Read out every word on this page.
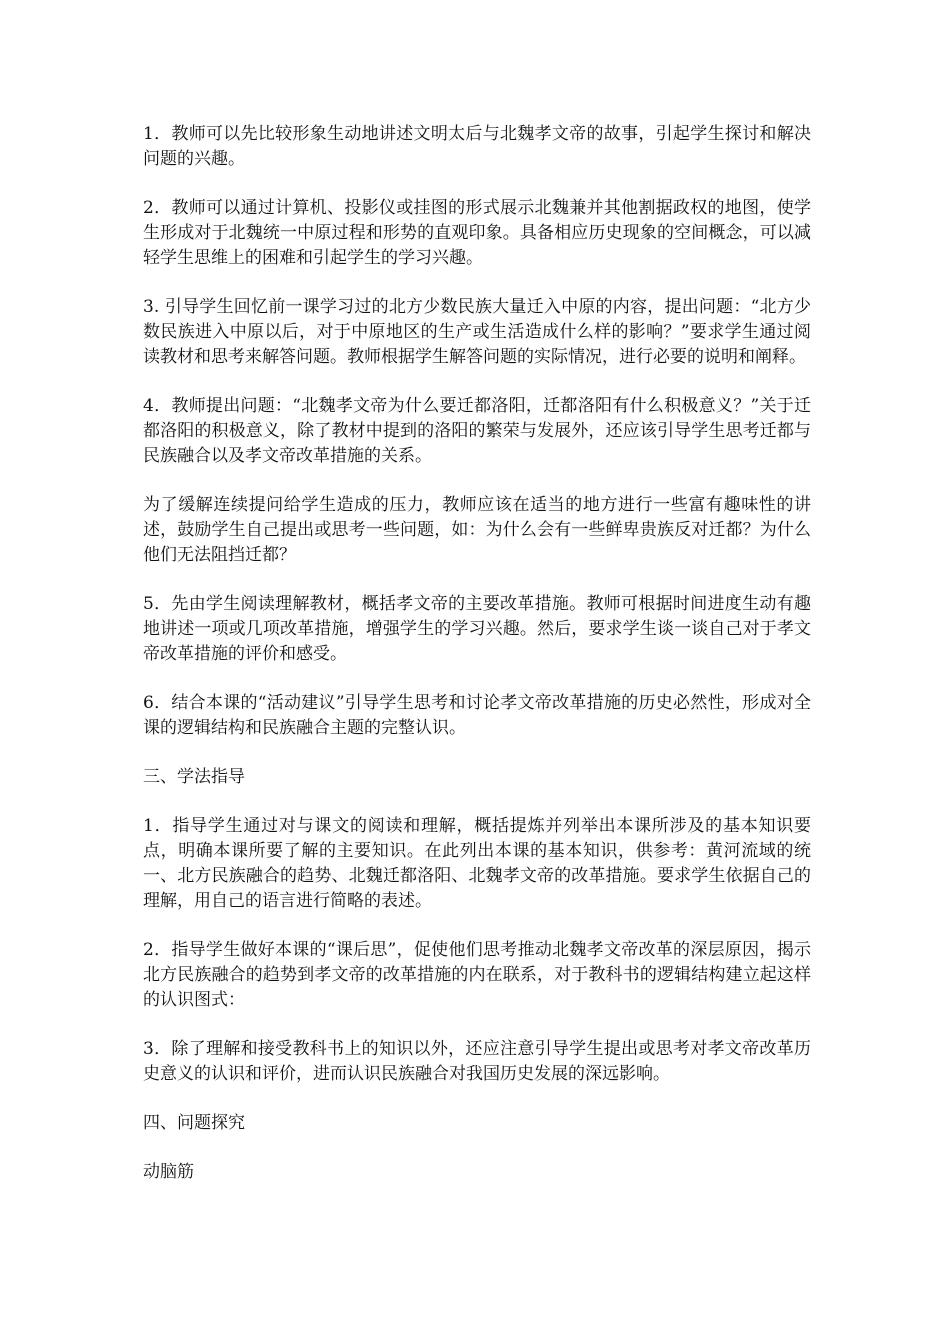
1．教师可以先比较形象生动地讲述文明太后与北魏孝文帝的故事，引起学生探讨和解决问题的兴趣。

2．教师可以通过计算机、投影仪或挂图的形式展示北魏兼并其他割据政权的地图，使学生形成对于北魏统一中原过程和形势的直观印象。具备相应历史现象的空间概念，可以减轻学生思维上的困难和引起学生的学习兴趣。

3. 引导学生回忆前一课学习过的北方少数民族大量迁入中原的内容，提出问题：“北方少数民族进入中原以后，对于中原地区的生产或生活造成什么样的影响？”要求学生通过阅读教材和思考来解答问题。教师根据学生解答问题的实际情况，进行必要的说明和阐释。

4．教师提出问题：“北魏孝文帝为什么要迁都洛阳，迁都洛阳有什么积极意义？”关于迁都洛阳的积极意义，除了教材中提到的洛阳的繁荣与发展外，还应该引导学生思考迁都与民族融合以及孝文帝改革措施的关系。

为了缓解连续提问给学生造成的压力，教师应该在适当的地方进行一些富有趣味性的讲述，鼓励学生自己提出或思考一些问题，如：为什么会有一些鲜卑贵族反对迁都？为什么他们无法阻挡迁都？

5．先由学生阅读理解教材，概括孝文帝的主要改革措施。教师可根据时间进度生动有趣地讲述一项或几项改革措施，增强学生的学习兴趣。然后，要求学生谈一谈自己对于孝文帝改革措施的评价和感受。

6．结合本课的“活动建议”引导学生思考和讨论孝文帝改革措施的历史必然性，形成对全课的逻辑结构和民族融合主题的完整认识。

三、学法指导

1．指导学生通过对与课文的阅读和理解，概括提炼并列举出本课所涉及的基本知识要点，明确本课所要了解的主要知识。在此列出本课的基本知识，供参考：黄河流域的统一、北方民族融合的趋势、北魏迁都洛阳、北魏孝文帝的改革措施。要求学生依据自己的理解，用自己的语言进行简略的表述。

2．指导学生做好本课的“课后思”，促使他们思考推动北魏孝文帝改革的深层原因，揭示北方民族融合的趋势到孝文帝的改革措施的内在联系，对于教科书的逻辑结构建立起这样的认识图式：

3．除了理解和接受教科书上的知识以外，还应注意引导学生提出或思考对孝文帝改革历史意义的认识和评价，进而认识民族融合对我国历史发展的深远影响。

四、问题探究

动脑筋
